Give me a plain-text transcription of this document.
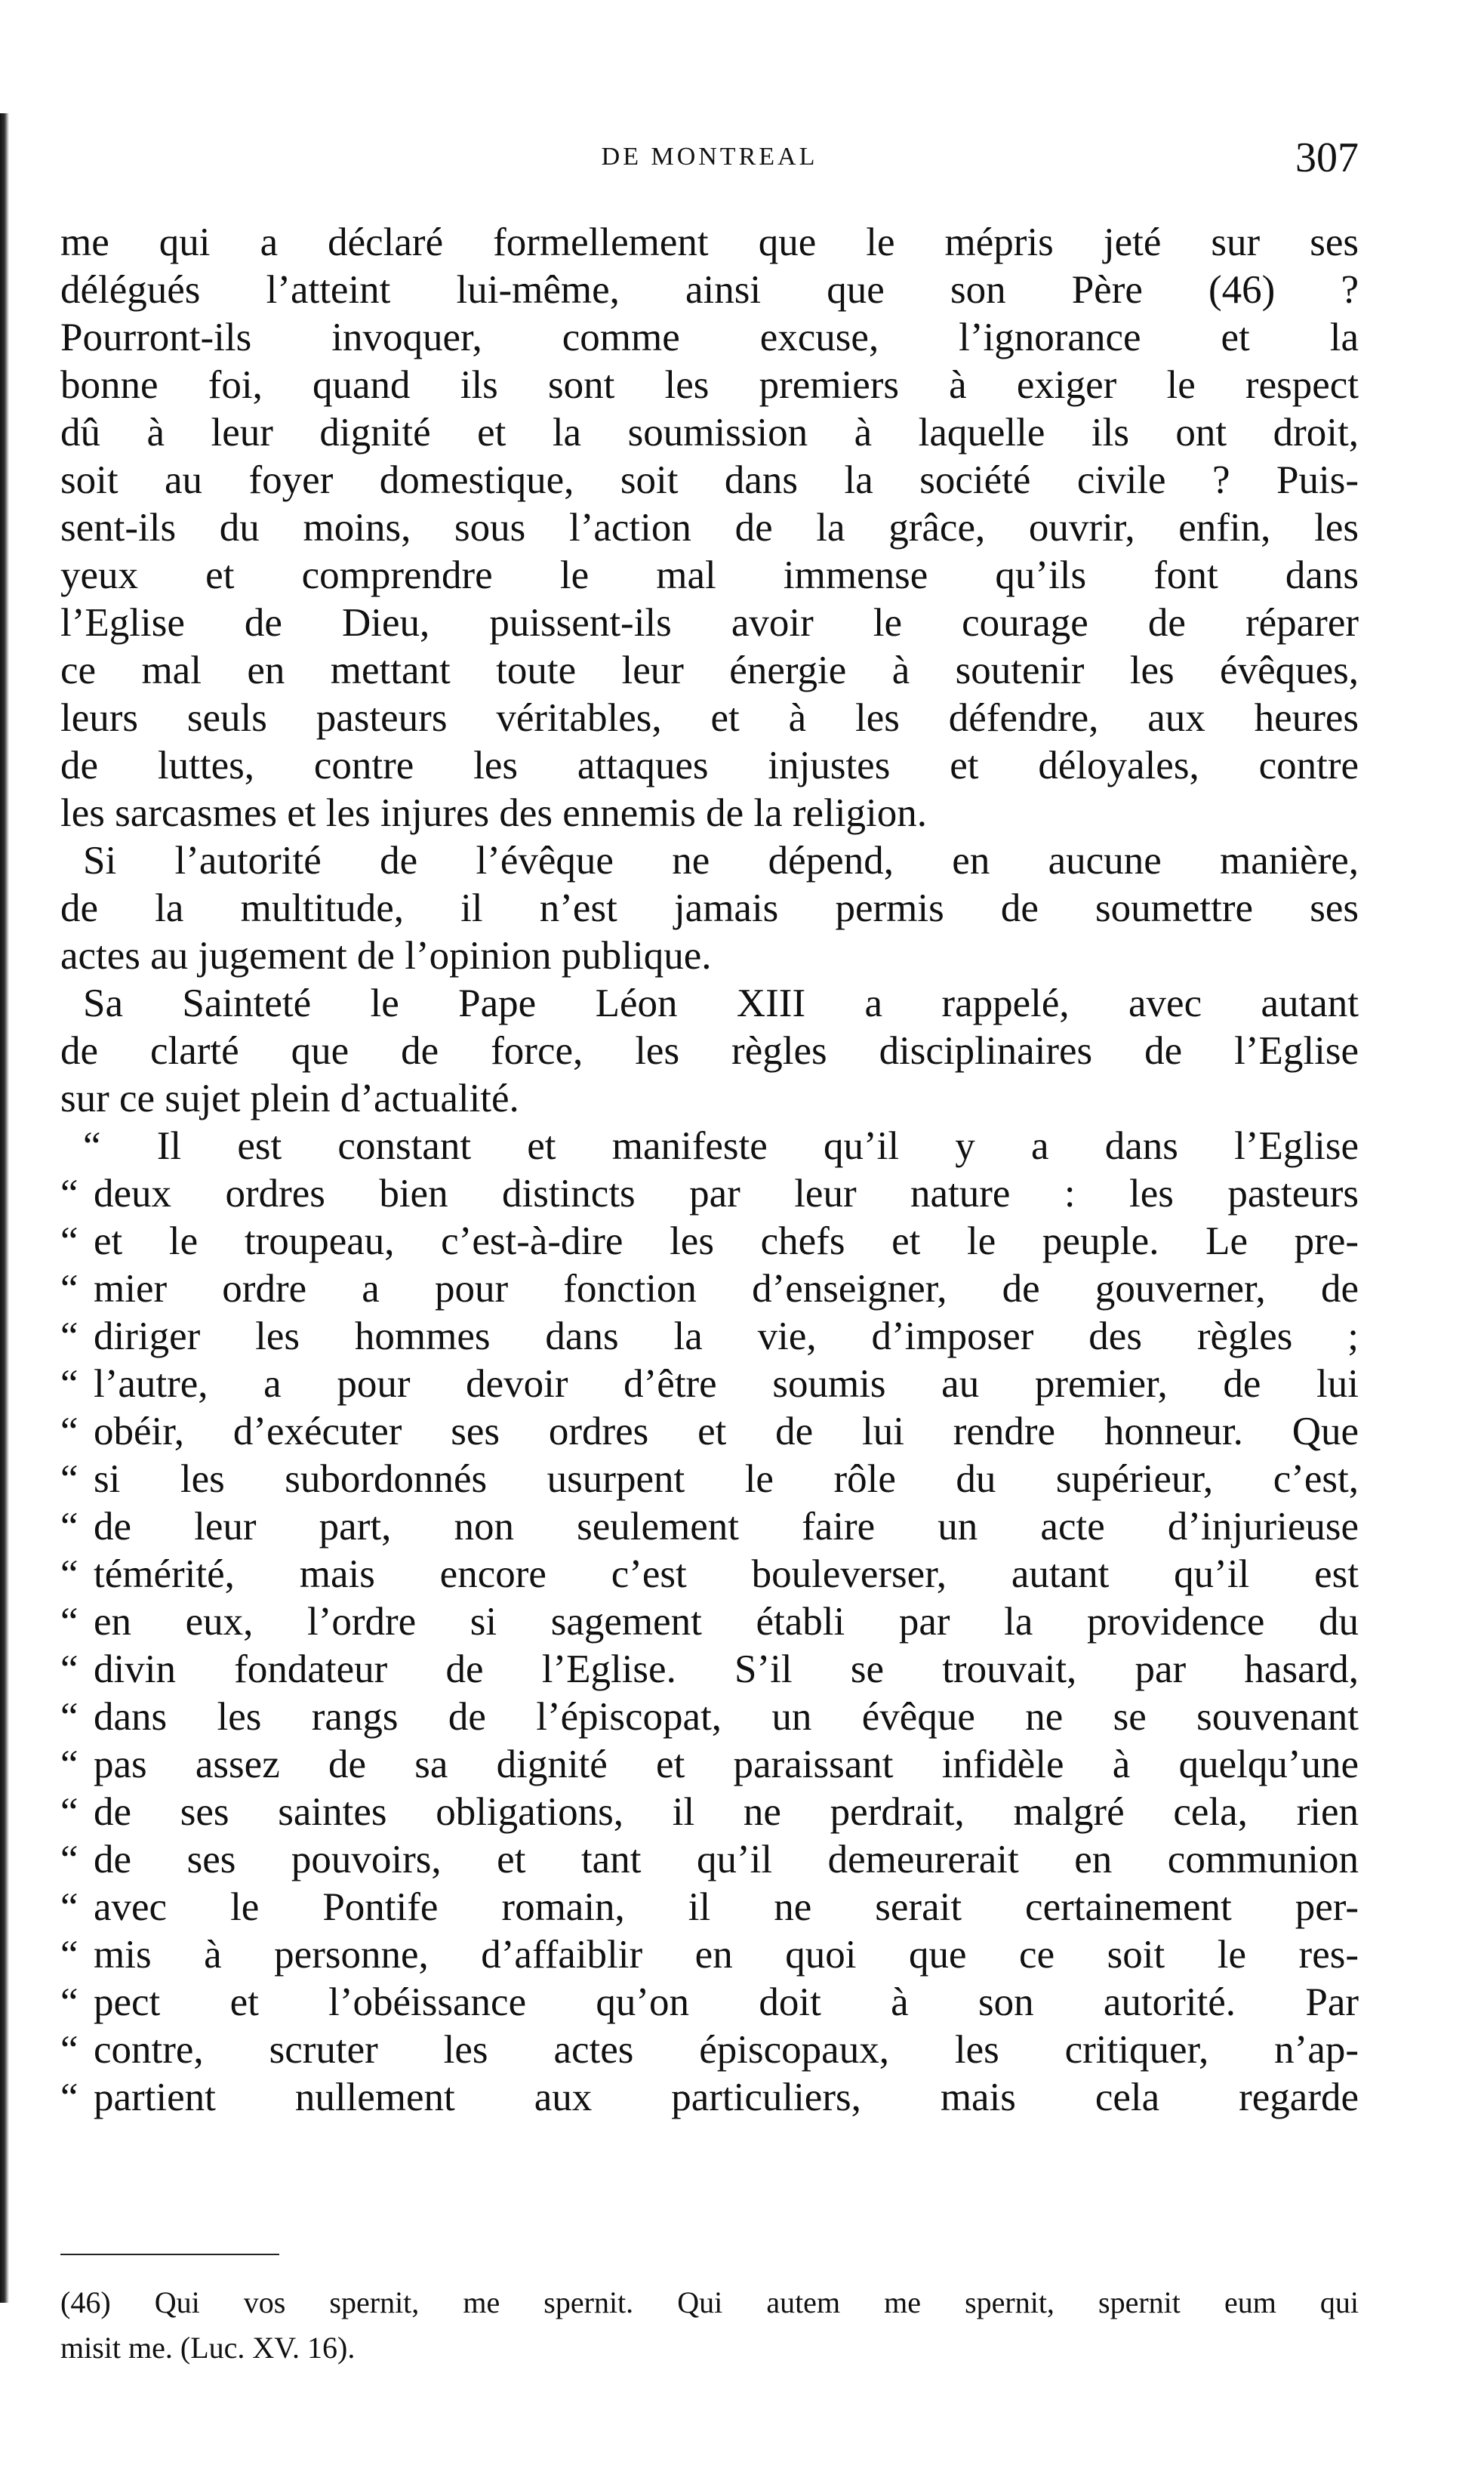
DE MONTREAL	307
me qui a déclaré formellement que le mépris jeté sur ses
délégués l’atteint lui-même, ainsi que son Père (46) ?
Pourront-ils invoquer, comme excuse, l’ignorance et la
bonne foi, quand ils sont les premiers à exiger le respect
dû à leur dignité et la soumission à laquelle ils ont droit,
soit au foyer domestique, soit dans la société civile ? Puis-
sent-ils du moins, sous l’action de la grâce, ouvrir, enfin, les
yeux et comprendre le mal immense qu’ils font dans
l’Eglise de Dieu, puissent-ils avoir le courage de réparer
ce mal en mettant toute leur énergie à soutenir les évêques,
leurs seuls pasteurs véritables, et à les défendre, aux heures
de luttes, contre les attaques injustes et déloyales, contre
les sarcasmes et les injures des ennemis de la religion.
Si l’autorité de l’évêque ne dépend, en aucune manière,
de la multitude, il n’est jamais permis de soumettre ses
actes au jugement de l’opinion publique.
Sa Sainteté le Pape Léon XIII a rappelé, avec autant
de clarté que de force, les règles disciplinaires de l’Eglise
sur ce sujet plein d’actualité.
“ Il est constant et manifeste qu’il y a dans l’Eglise
“ deux ordres bien distincts par leur nature : les pasteurs
“ et le troupeau, c’est-à-dire les chefs et le peuple. Le pre-
“ mier ordre a pour fonction d’enseigner, de gouverner, de
“ diriger les hommes dans la vie, d’imposer des règles ;
“ l’autre, a pour devoir d’être soumis au premier, de lui
“ obéir, d’exécuter ses ordres et de lui rendre honneur. Que
“ si les subordonnés usurpent le rôle du supérieur, c’est,
“ de leur part, non seulement faire un acte d’injurieuse
“ témérité, mais encore c’est bouleverser, autant qu’il est
“ en eux, l’ordre si sagement établi par la providence du
“ divin fondateur de l’Eglise. S’il se trouvait, par hasard,
“ dans les rangs de l’épiscopat, un évêque ne se souvenant
“ pas assez de sa dignité et paraissant infidèle à quelqu’une
“ de ses saintes obligations, il ne perdrait, malgré cela, rien
“ de ses pouvoirs, et tant qu’il demeurerait en communion
“ avec le Pontife romain, il ne serait certainement per-
“ mis à personne, d’affaiblir en quoi que ce soit le res-
“ pect et l’obéissance qu’on doit à son autorité. Par
“ contre, scruter les actes épiscopaux, les critiquer, n’ap-
“ partient nullement aux particuliers, mais cela regarde
(46) Qui vos spernit, me spernit. Qui autem me spernit, spernit eum qui
misit me. (Luc. XV. 16).
